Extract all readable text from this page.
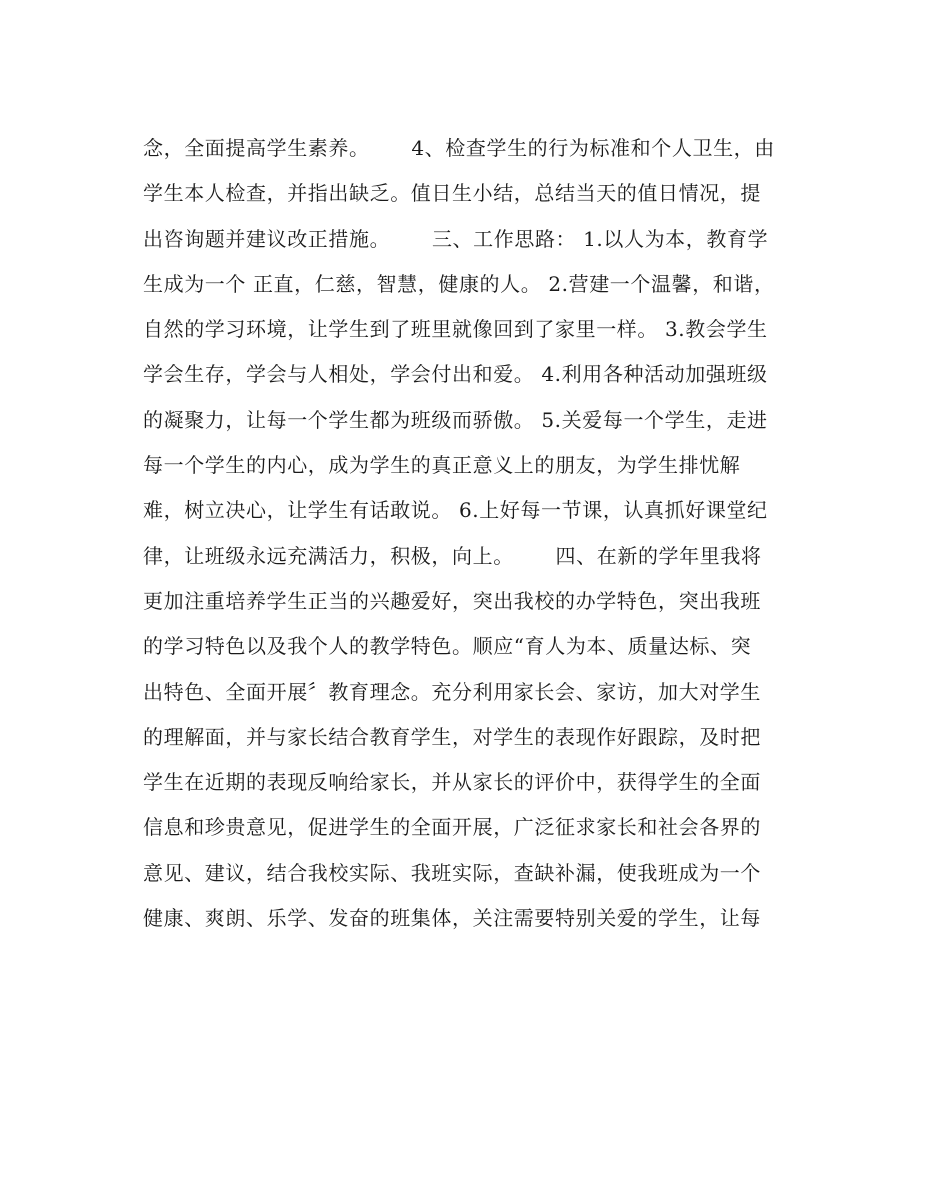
念，全面提高学生素养。      4、检查学生的行为标准和个人卫生，由
学生本人检查，并指出缺乏。值日生小结，总结当天的值日情况，提
出咨询题并建议改正措施。      三、工作思路： 1.以人为本，教育学
生成为一个 正直，仁慈，智慧，健康的人。 2.营建一个温馨，和谐，
自然的学习环境，让学生到了班里就像回到了家里一样。 3.教会学生
学会生存，学会与人相处，学会付出和爱。 4.利用各种活动加强班级
的凝聚力，让每一个学生都为班级而骄傲。 5.关爱每一个学生，走进
每一个学生的内心，成为学生的真正意义上的朋友，为学生排忧解
难，树立决心，让学生有话敢说。 6.上好每一节课，认真抓好课堂纪
律，让班级永远充满活力，积极，向上。      四、在新的学年里我将
更加注重培养学生正当的兴趣爱好，突出我校的办学特色，突出我班
的学习特色以及我个人的教学特色。顺应“育人为本、质量达标、突
出特色、全面开展〞教育理念。充分利用家长会、家访，加大对学生
的理解面，并与家长结合教育学生，对学生的表现作好跟踪，及时把
学生在近期的表现反响给家长，并从家长的评价中，获得学生的全面
信息和珍贵意见，促进学生的全面开展，广泛征求家长和社会各界的
意见、建议，结合我校实际、我班实际，查缺补漏，使我班成为一个
健康、爽朗、乐学、发奋的班集体，关注需要特别关爱的学生，让每
